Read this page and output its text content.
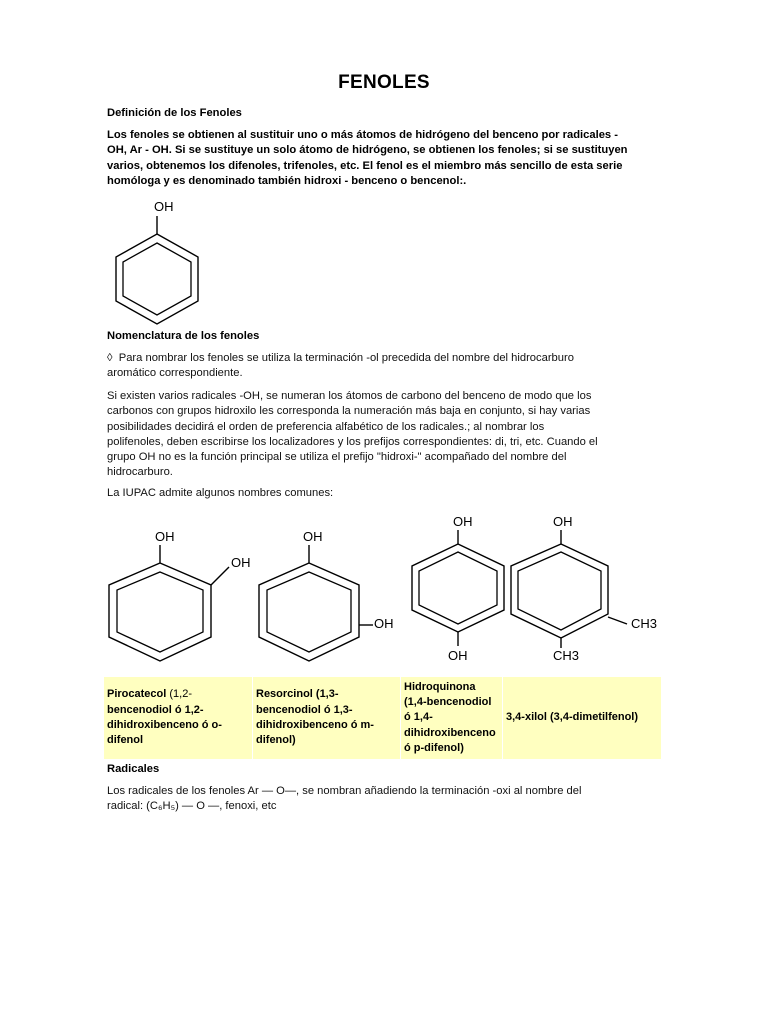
FENOLES
Definición de los Fenoles
Los fenoles se obtienen al sustituir uno o más átomos de hidrógeno del benceno por radicales -
OH, Ar - OH. Si se sustituye un solo átomo de hidrógeno, se obtienen los fenoles; si se sustituyen
varios, obtenemos los difenoles, trifenoles, etc. El fenol es el miembro más sencillo de esta serie
homóloga y es denominado también hidroxi - benceno o bencenol:.
OH
Nomenclatura de los fenoles
◊ Para nombrar los fenoles se utiliza la terminación -ol precedida del nombre del hidrocarburo
aromático correspondiente.
Si existen varios radicales -OH, se numeran los átomos de carbono del benceno de modo que los
carbonos con grupos hidroxilo les corresponda la numeración más baja en conjunto, si hay varias
posibilidades decidirá el orden de preferencia alfabético de los radicales.; al nombrar los
polifenoles, deben escribirse los localizadores y los prefijos correspondientes: di, tri, etc. Cuando el
grupo OH no es la función principal se utiliza el prefijo "hidroxi-" acompañado del nombre del
hidrocarburo.
La IUPAC admite algunos nombres comunes:
OH
OH
OH
OH
OH
OH
OH
CH3
CH3
Pirocatecol (1,2-
bencenodiol ó 1,2-
dihidroxibenceno ó o-
difenol	Resorcinol (1,3-
bencenodiol ó 1,3-
dihidroxibenceno ó m-
difenol)	Hidroquinona
(1,4-bencenodiol
ó 1,4-
dihidroxibenceno
ó p-difenol)	3,4-xilol (3,4-dimetilfenol)
Radicales
Los radicales de los fenoles Ar — O—, se nombran añadiendo la terminación -oxi al nombre del
radical: (C₆H₅) — O —, fenoxi, etc
